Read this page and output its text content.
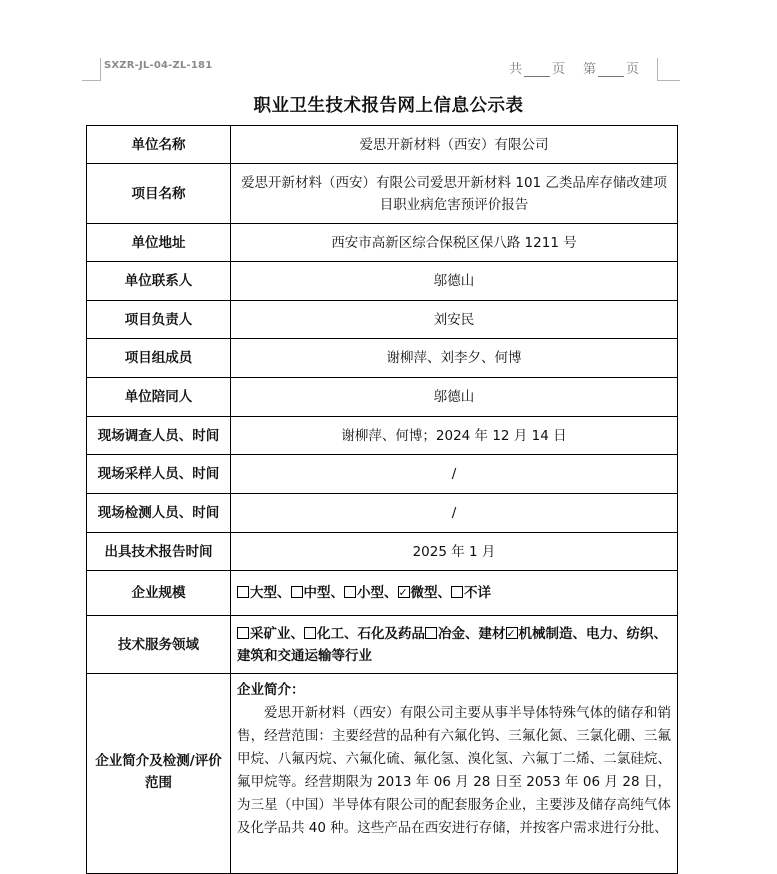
SXZR-JL-04-ZL-181	共 页 第 页
职业卫生技术报告网上信息公示表
单位名称	爱思开新材料（西安）有限公司
项目名称	爱思开新材料（西安）有限公司爱思开新材料 101 乙类品库存储改建项目职业病危害预评价报告
单位地址	西安市高新区综合保税区保八路 1211 号
单位联系人	邬德山
项目负责人	刘安民
项目组成员	谢柳萍、刘李夕、何博
单位陪同人	邬德山
现场调查人员、时间	谢柳萍、何博；2024 年 12 月 14 日
现场采样人员、时间	/
现场检测人员、时间	/
出具技术报告时间	2025 年 1 月
企业规模	大型、 中型、 小型、 ✓ 微型、 不详
技术服务领域	采矿业、 化工、石化及药品 冶金、建材 ✓ 机械制造、电力、纺织、建筑和交通运输等行业
企业简介及检测/评价范围	企业简介：
爱思开新材料（西安）有限公司主要从事半导体特殊气体的储存和销售，经营范围：主要经营的品种有六氟化钨、三氟化氮、三氯化硼、三氟甲烷、八氟丙烷、六氟化硫、氟化氢、溴化氢、六氟丁二烯、二氯硅烷、氟甲烷等。经营期限为 2013 年 06 月 28 日至 2053 年 06 月 28 日，为三星（中国）半导体有限公司的配套服务企业，主要涉及储存高纯气体及化学品共 40 种。这些产品在西安进行存储，并按客户需求进行分批、
